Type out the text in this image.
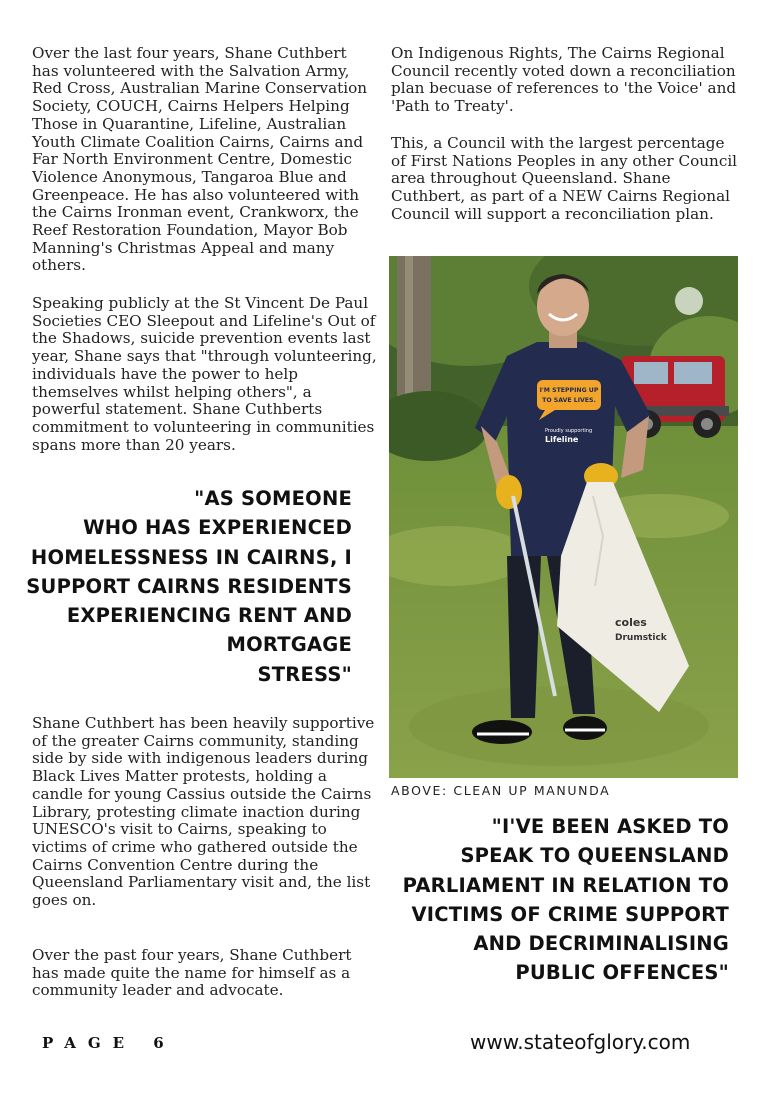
Over the last four years, Shane Cuthbert has volunteered with the Salvation Army, Red Cross, Australian Marine Conservation Society, COUCH, Cairns Helpers Helping Those in Quarantine, Lifeline, Australian Youth Climate Coalition Cairns, Cairns and Far North Environment Centre, Domestic Violence Anonymous, Tangaroa Blue and Greenpeace. He has also volunteered with the Cairns Ironman event, Crankworx, the Reef Restoration Foundation, Mayor Bob Manning's Christmas Appeal and many others.

Speaking publicly at the St Vincent De Paul Societies CEO Sleepout and Lifeline's Out of the Shadows, suicide prevention events last year, Shane says that "through volunteering, individuals have the power to help themselves whilst helping others", a powerful statement. Shane Cuthberts commitment to volunteering in communities spans more than 20 years.

"AS SOMEONE
WHO HAS EXPERIENCED
HOMELESSNESS IN CAIRNS, I
SUPPORT CAIRNS RESIDENTS
EXPERIENCING RENT AND
MORTGAGE
STRESS"

Shane Cuthbert has been heavily supportive of the greater Cairns community, standing side by side with indigenous leaders during Black Lives Matter protests, holding a candle for young Cassius outside the Cairns Library, protesting climate inaction during UNESCO's visit to Cairns, speaking to victims of crime who gathered outside the Cairns Convention Centre during the Queensland Parliamentary visit and, the list goes on.

Over the past four years, Shane Cuthbert has made quite the name for himself as a community leader and advocate.

On Indigenous Rights, The Cairns Regional Council recently voted down a reconciliation plan becuase of references to 'the Voice' and 'Path to Treaty'.

This, a Council with the largest percentage of First Nations Peoples in any other Council area throughout Queensland. Shane Cuthbert, as part of a NEW Cairns Regional Council will support a reconciliation plan.

I'M STEPPING UP
TO SAVE LIVES.
Proudly supporting
Lifeline
coles
Drumstick
ABOVE: CLEAN UP MANUNDA

"I'VE BEEN ASKED TO
SPEAK TO QUEENSLAND
PARLIAMENT IN RELATION TO
VICTIMS OF CRIME SUPPORT
AND DECRIMINALISING
PUBLIC OFFENCES"

PAGE 6	www.stateofglory.com
